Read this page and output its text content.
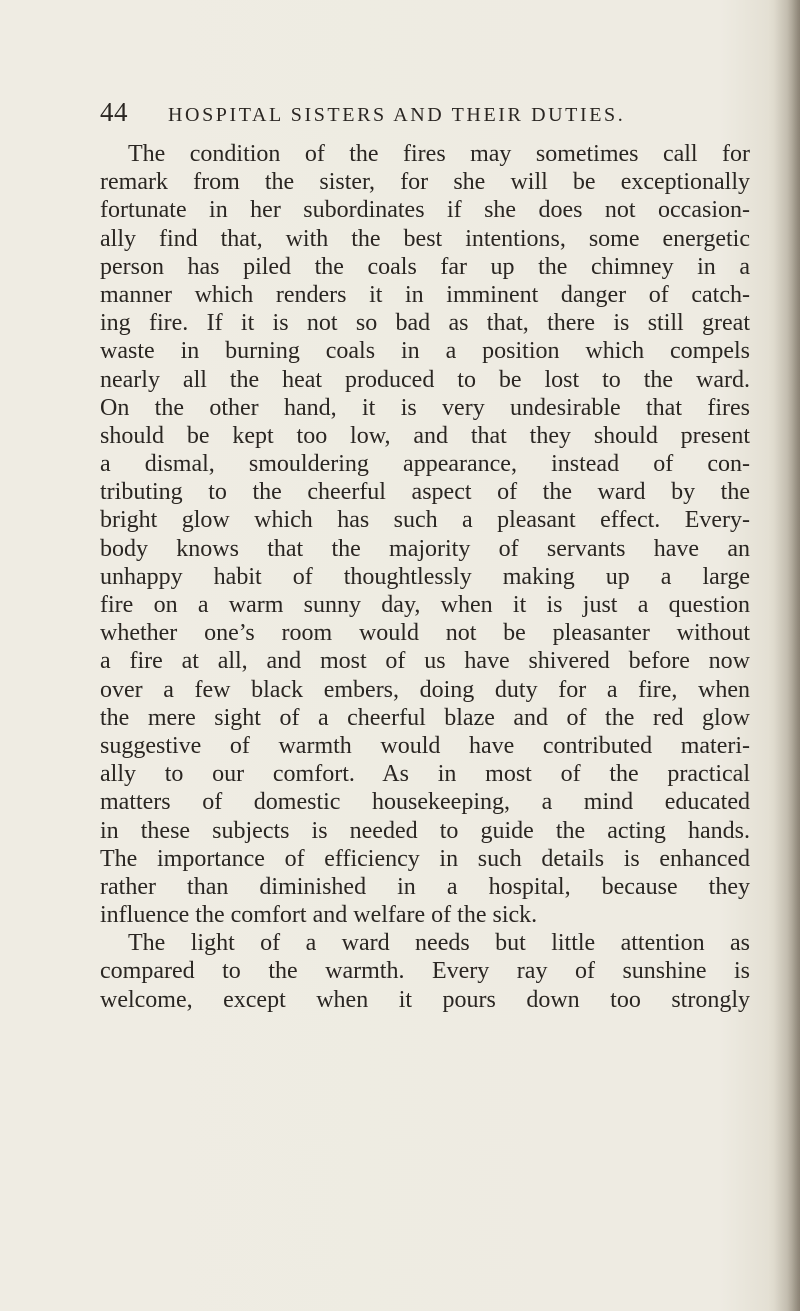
44 HOSPITAL SISTERS AND THEIR DUTIES.
The condition of the fires may sometimes call for
remark from the sister, for she will be exceptionally
fortunate in her subordinates if she does not occasion-
ally find that, with the best intentions, some energetic
person has piled the coals far up the chimney in a
manner which renders it in imminent danger of catch-
ing fire. If it is not so bad as that, there is still great
waste in burning coals in a position which compels
nearly all the heat produced to be lost to the ward.
On the other hand, it is very undesirable that fires
should be kept too low, and that they should present
a dismal, smouldering appearance, instead of con-
tributing to the cheerful aspect of the ward by the
bright glow which has such a pleasant effect. Every-
body knows that the majority of servants have an
unhappy habit of thoughtlessly making up a large
fire on a warm sunny day, when it is just a question
whether one’s room would not be pleasanter without
a fire at all, and most of us have shivered before now
over a few black embers, doing duty for a fire, when
the mere sight of a cheerful blaze and of the red glow
suggestive of warmth would have contributed materi-
ally to our comfort. As in most of the practical
matters of domestic housekeeping, a mind educated
in these subjects is needed to guide the acting hands.
The importance of efficiency in such details is enhanced
rather than diminished in a hospital, because they
influence the comfort and welfare of the sick.
The light of a ward needs but little attention as
compared to the warmth. Every ray of sunshine is
welcome, except when it pours down too strongly
